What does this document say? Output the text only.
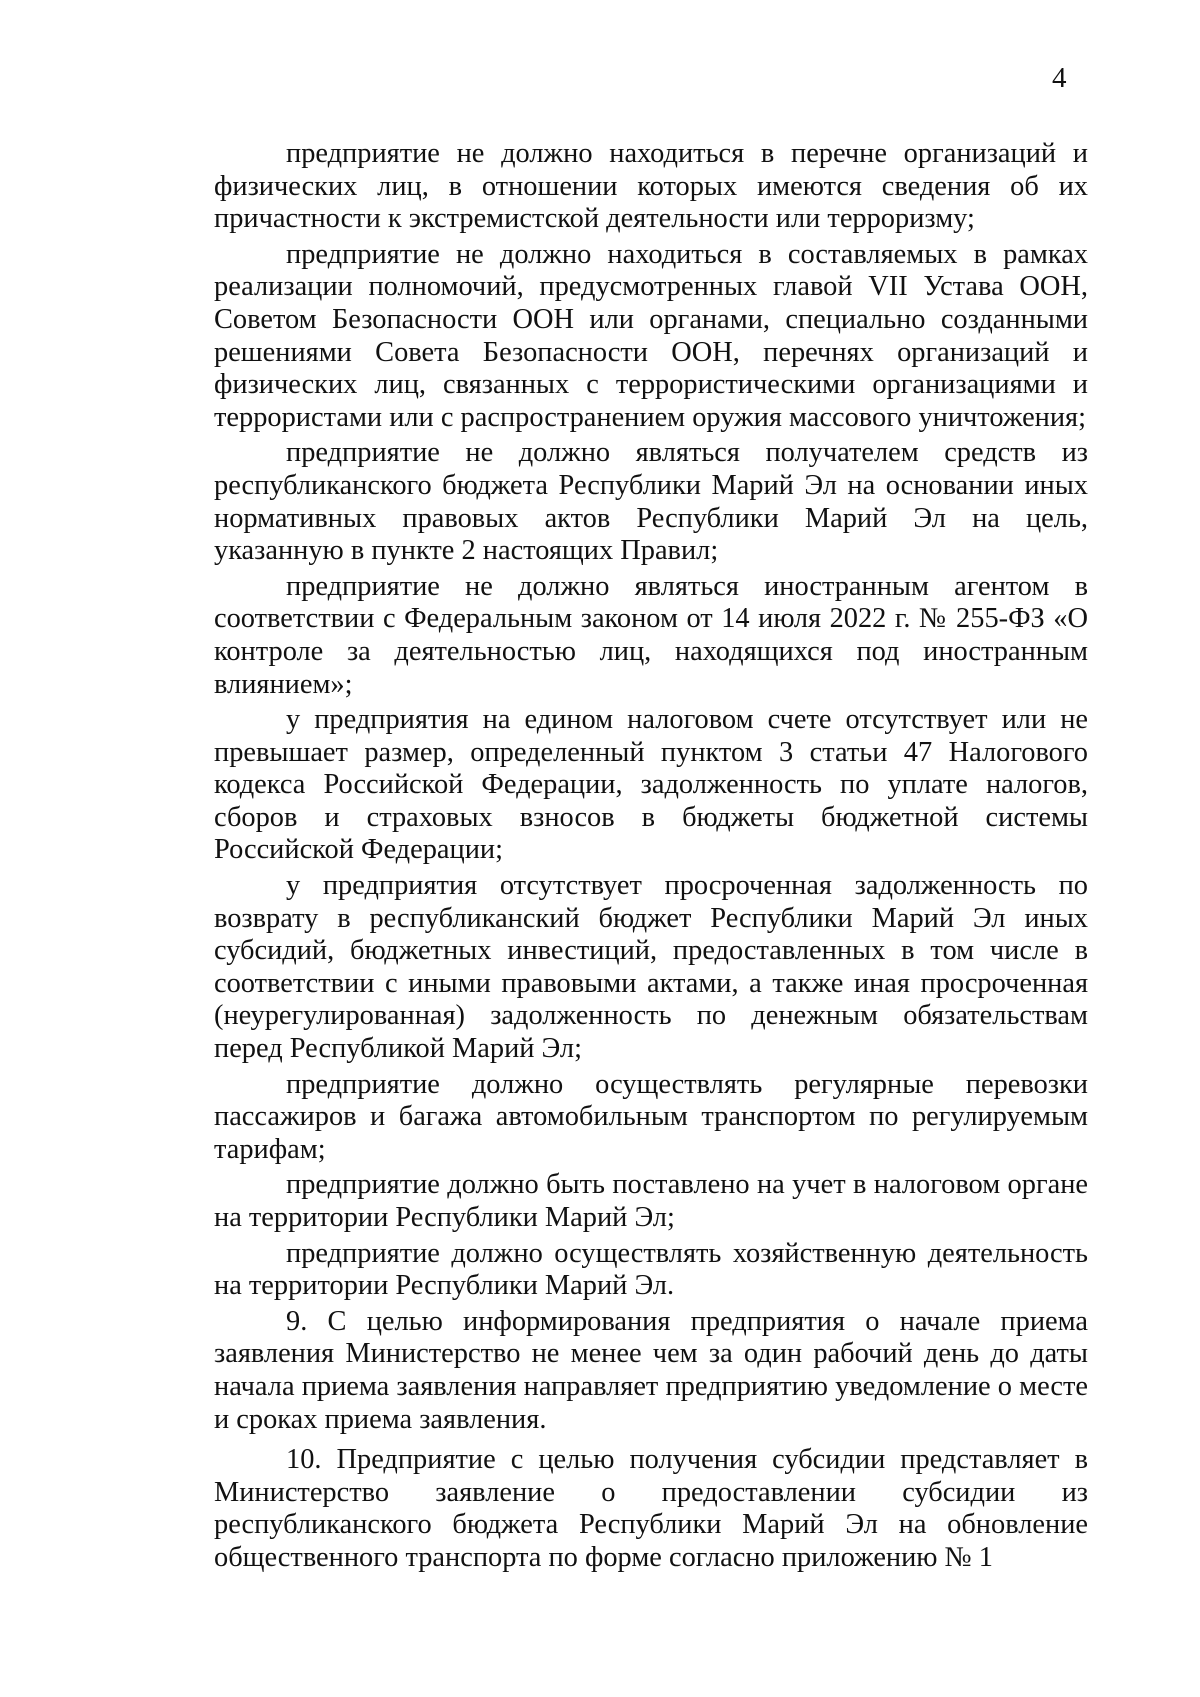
4

предприятие не должно находиться в перечне организаций и физических лиц, в отношении которых имеются сведения об их причастности к экстремистской деятельности или терроризму;

предприятие не должно находиться в составляемых в рамках реализации полномочий, предусмотренных главой VII Устава ООН, Советом Безопасности ООН или органами, специально созданными решениями Совета Безопасности ООН, перечнях организаций и физических лиц, связанных с террористическими организациями и террористами или с распространением оружия массового уничтожения;

предприятие не должно являться получателем средств из республиканского бюджета Республики Марий Эл на основании иных нормативных правовых актов Республики Марий Эл на цель, указанную в пункте 2 настоящих Правил;

предприятие не должно являться иностранным агентом в соответствии с Федеральным законом от 14 июля 2022 г. № 255-ФЗ «О контроле за деятельностью лиц, находящихся под иностранным влиянием»;

у предприятия на едином налоговом счете отсутствует или не превышает размер, определенный пунктом 3 статьи 47 Налогового кодекса Российской Федерации, задолженность по уплате налогов, сборов и страховых взносов в бюджеты бюджетной системы Российской Федерации;

у предприятия отсутствует просроченная задолженность по возврату в республиканский бюджет Республики Марий Эл иных субсидий, бюджетных инвестиций, предоставленных в том числе в соответствии с иными правовыми актами, а также иная просроченная (неурегулированная) задолженность по денежным обязательствам перед Республикой Марий Эл;

предприятие должно осуществлять регулярные перевозки пассажиров и багажа автомобильным транспортом по регулируемым тарифам;

предприятие должно быть поставлено на учет в налоговом органе на территории Республики Марий Эл;

предприятие должно осуществлять хозяйственную деятельность на территории Республики Марий Эл.

9. С целью информирования предприятия о начале приема заявления Министерство не менее чем за один рабочий день до даты начала приема заявления направляет предприятию уведомление о месте и сроках приема заявления.

10. Предприятие с целью получения субсидии представляет в Министерство заявление о предоставлении субсидии из республиканского бюджета Республики Марий Эл на обновление общественного транспорта по форме согласно приложению № 1
